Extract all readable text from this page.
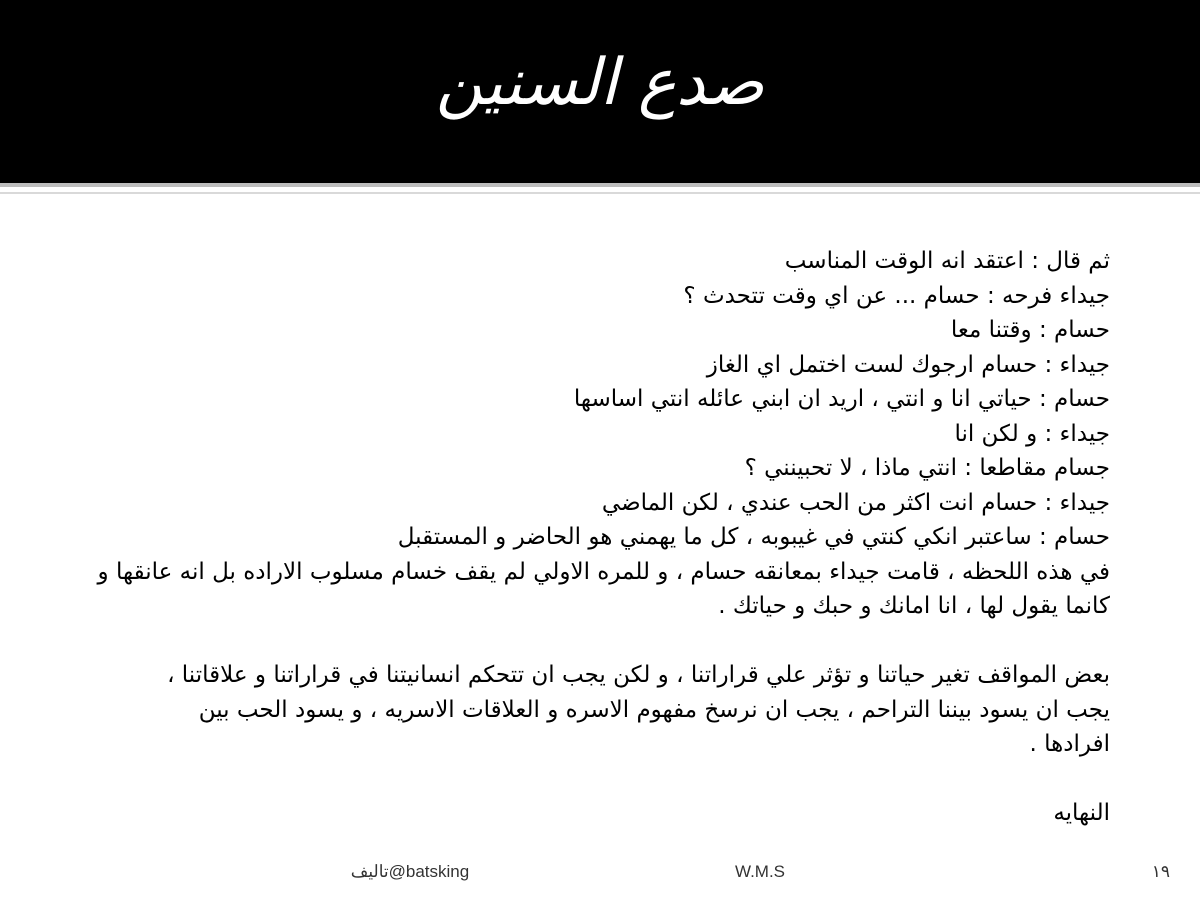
صدع السنين
ثم قال : اعتقد انه الوقت المناسب
جيداء فرحه : حسام ... عن اي وقت تتحدث ؟
حسام : وقتنا معا
جيداء : حسام ارجوك لست اختمل اي الغاز
حسام : حياتي انا و انتي ، اريد ان ابني عائله انتي اساسها
جيداء : و لكن انا
جسام مقاطعا : انتي ماذا ، لا تحبينني ؟
جيداء : حسام انت اكثر من الحب عندي ، لكن الماضي
حسام : ساعتبر انكي كنتي في غيبوبه ، كل ما يهمني هو الحاضر و المستقبل
في هذه اللحظه ، قامت جيداء بمعانقه حسام ، و للمره الاولي لم يقف خسام مسلوب الاراده بل انه عانقها و
كانما يقول لها ، انا امانك و حبك و حياتك .
بعض المواقف تغير حياتنا و تؤثر علي قراراتنا ، و لكن يجب ان تتحكم انسانيتنا في قراراتنا و علاقاتنا ،
يجب ان يسود بيننا التراحم ، يجب ان نرسخ مفهوم الاسره و العلاقات الاسريه ، و يسود الحب بين
افرادها .
النهايه
تاليف@batsking	W.M.S	١٩
